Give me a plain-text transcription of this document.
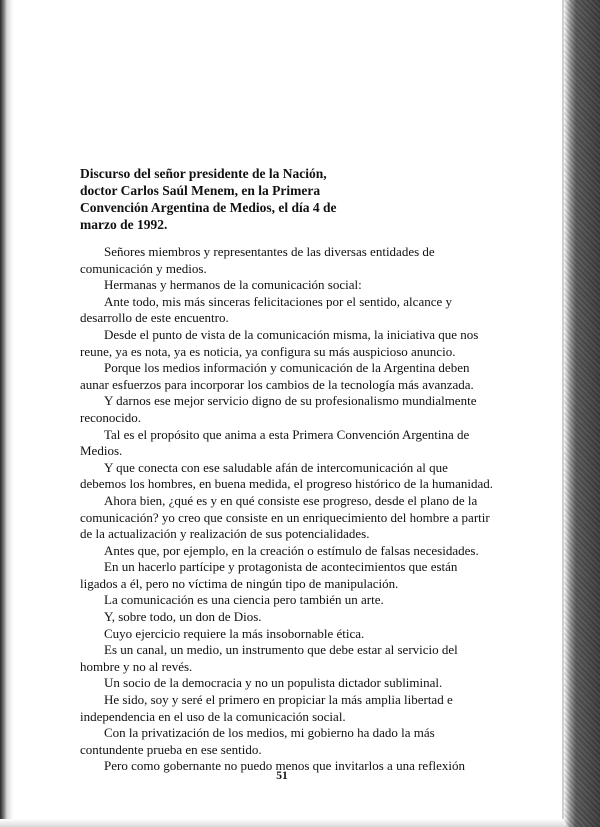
Discurso del señor presidente de la Nación,
doctor Carlos Saúl Menem, en la Primera
Convención Argentina de Medios, el día 4 de
marzo de 1992.

Señores miembros y representantes de las diversas entidades de
comunicación y medios.

Hermanas y hermanos de la comunicación social:

Ante todo, mis más sinceras felicitaciones por el sentido, alcance y
desarrollo de este encuentro.

Desde el punto de vista de la comunicación misma, la iniciativa que nos
reune, ya es nota, ya es noticia, ya configura su más auspicioso anuncio.

Porque los medios información y comunicación de la Argentina deben
aunar esfuerzos para incorporar los cambios de la tecnología más avanzada.

Y darnos ese mejor servicio digno de su profesionalismo mundialmente
reconocido.

Tal es el propósito que anima a esta Primera Convención Argentina de
Medios.

Y que conecta con ese saludable afán de intercomunicación al que
debemos los hombres, en buena medida, el progreso histórico de la humanidad.

Ahora bien, ¿qué es y en qué consiste ese progreso, desde el plano de la
comunicación? yo creo que consiste en un enriquecimiento del hombre a partir
de la actualización y realización de sus potencialidades.

Antes que, por ejemplo, en la creación o estímulo de falsas necesidades.

En un hacerlo partícipe y protagonista de acontecimientos que están
ligados a él, pero no víctima de ningún tipo de manipulación.

La comunicación es una ciencia pero también un arte.

Y, sobre todo, un don de Dios.

Cuyo ejercicio requiere la más insobornable ética.

Es un canal, un medio, un instrumento que debe estar al servicio del
hombre y no al revés.

Un socio de la democracia y no un populista dictador subliminal.

He sido, soy y seré el primero en propiciar la más amplia libertad e
independencia en el uso de la comunicación social.

Con la privatización de los medios, mi gobierno ha dado la más
contundente prueba en ese sentido.

Pero como gobernante no puedo menos que invitarlos a una reflexión

51
